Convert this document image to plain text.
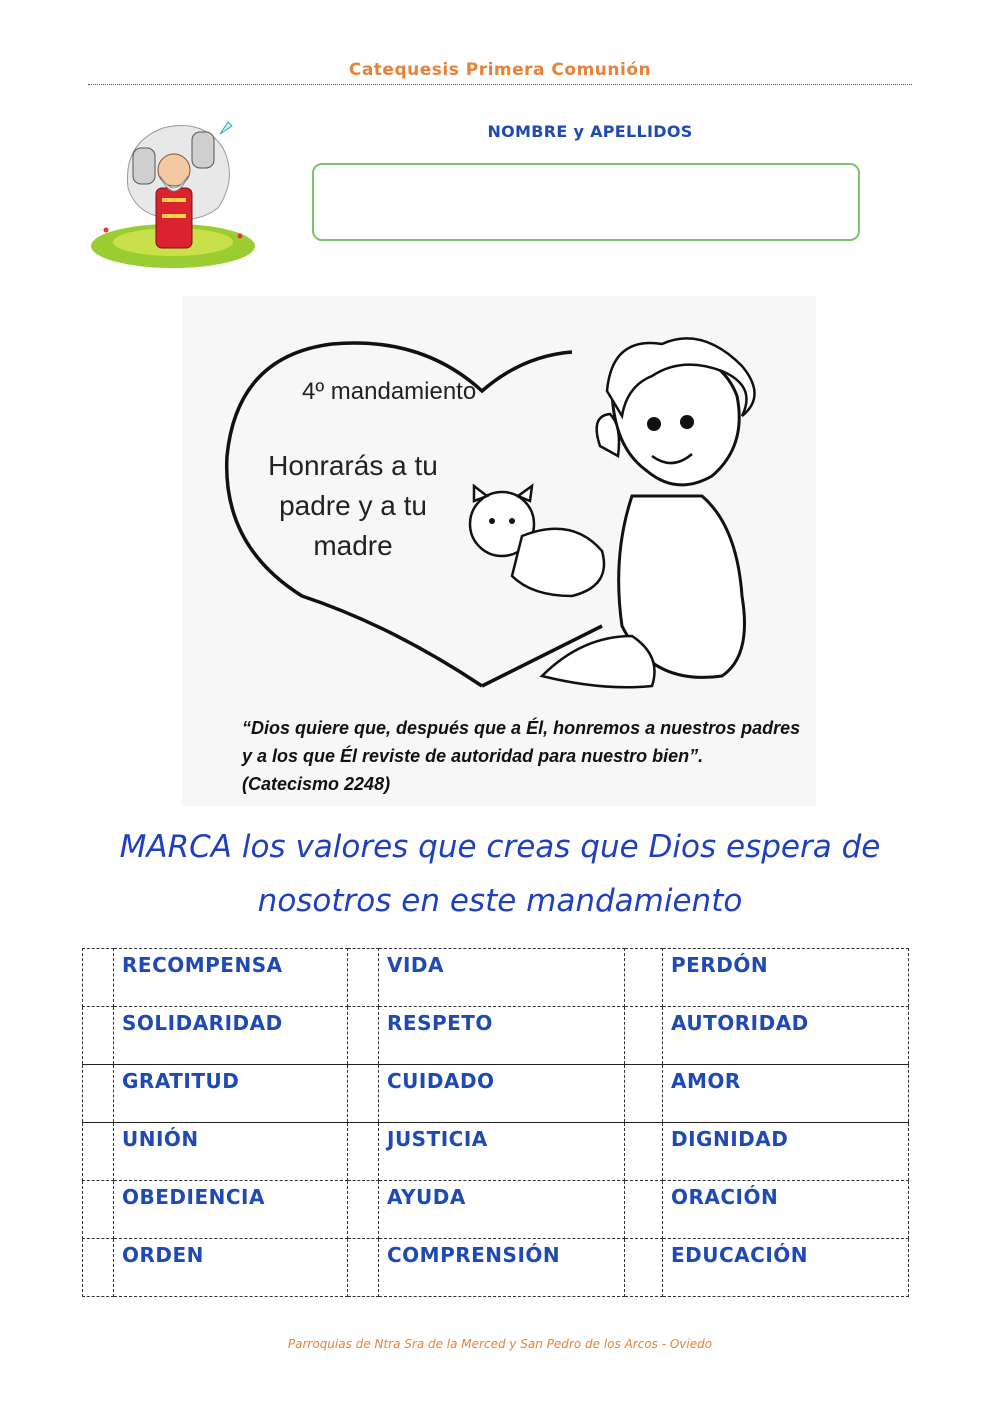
Catequesis Primera Comunión
NOMBRE y APELLIDOS
4º mandamiento
Honrarás a tu padre y a tu madre
“Dios quiere que, después que a Él, honremos a nuestros padres y a los que Él reviste de autoridad para nuestro bien”. (Catecismo 2248)
MARCA los valores que creas que Dios espera de nosotros en este mandamiento
	RECOMPENSA		VIDA		PERDÓN
	SOLIDARIDAD		RESPETO		AUTORIDAD
	GRATITUD		CUIDADO		AMOR
	UNIÓN		JUSTICIA		DIGNIDAD
	OBEDIENCIA		AYUDA		ORACIÓN
	ORDEN		COMPRENSIÓN		EDUCACIÓN
Parroquias de Ntra Sra de la Merced y San Pedro de los Arcos - Oviedo
